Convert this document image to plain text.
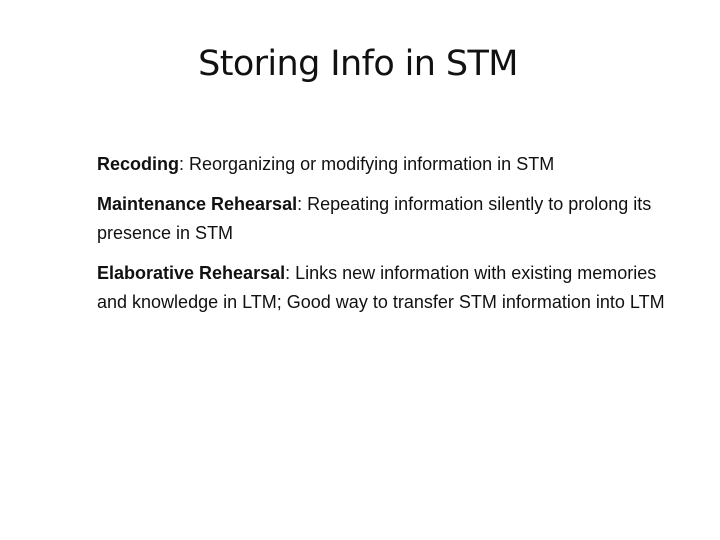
Storing Info in STM
Recoding: Reorganizing or modifying information in STM
Maintenance Rehearsal: Repeating information silently to prolong its presence in STM
Elaborative Rehearsal: Links new information with existing memories and knowledge in LTM; Good way to transfer STM information into LTM
